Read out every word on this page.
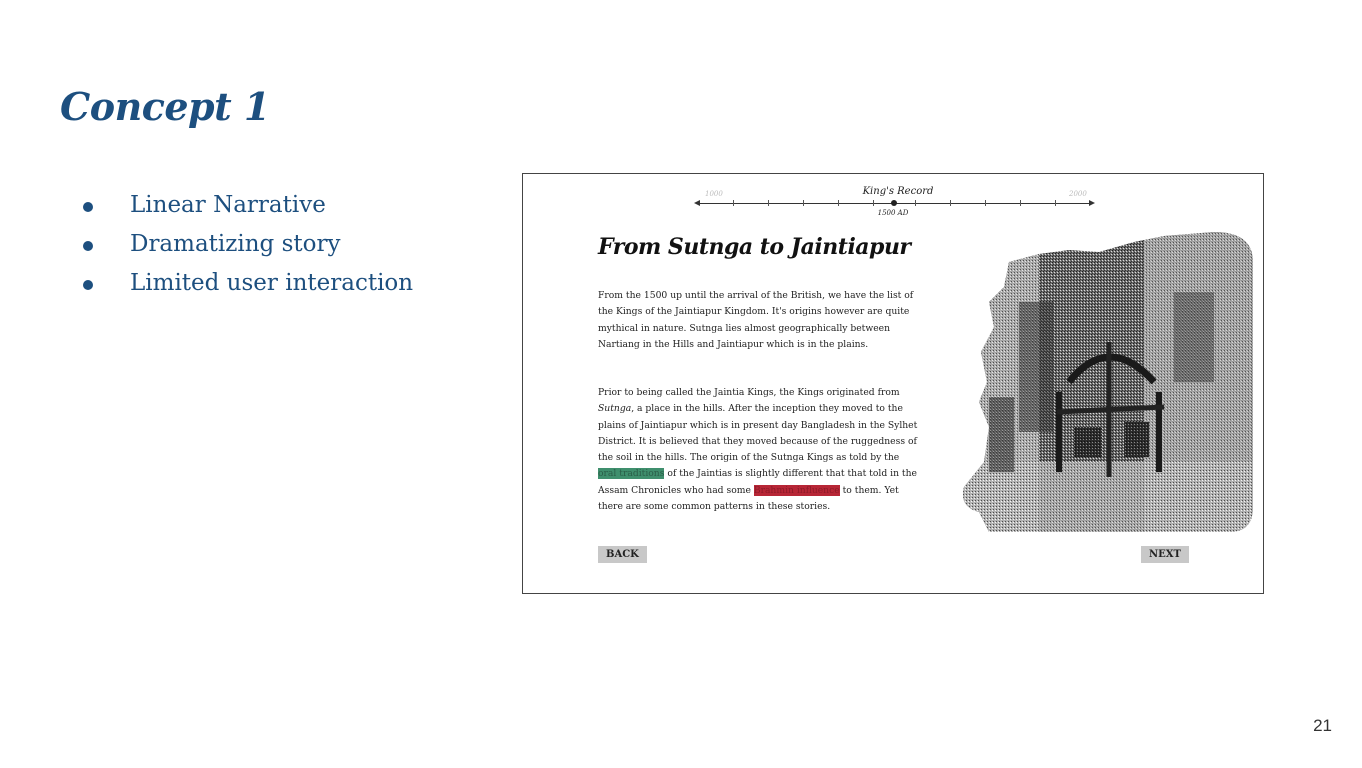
Concept 1
Linear Narrative
Dramatizing story
Limited user interaction
1000	King's Record	2000
1500 AD
From Sutnga to Jaintiapur

From the 1500 up until the arrival of the British, we have the list of the Kings of the Jaintiapur Kingdom. It's origins however are quite mythical in nature. Sutnga lies almost geographically between Nartiang in the Hills and Jaintiapur which is in the plains.

Prior to being called the Jaintia Kings, the Kings originated from Sutnga, a place in the hills. After the inception they moved to the plains of Jaintiapur which is in present day Bangladesh in the Sylhet District. It is believed that they moved because of the ruggedness of the soil in the hills. The origin of the Sutnga Kings as told by the oral traditions of the Jaintias is slightly different that that told in the Assam Chronicles who had some Brahmin influence to them. Yet there are some common patterns in these stories.

BACK	NEXT
21
